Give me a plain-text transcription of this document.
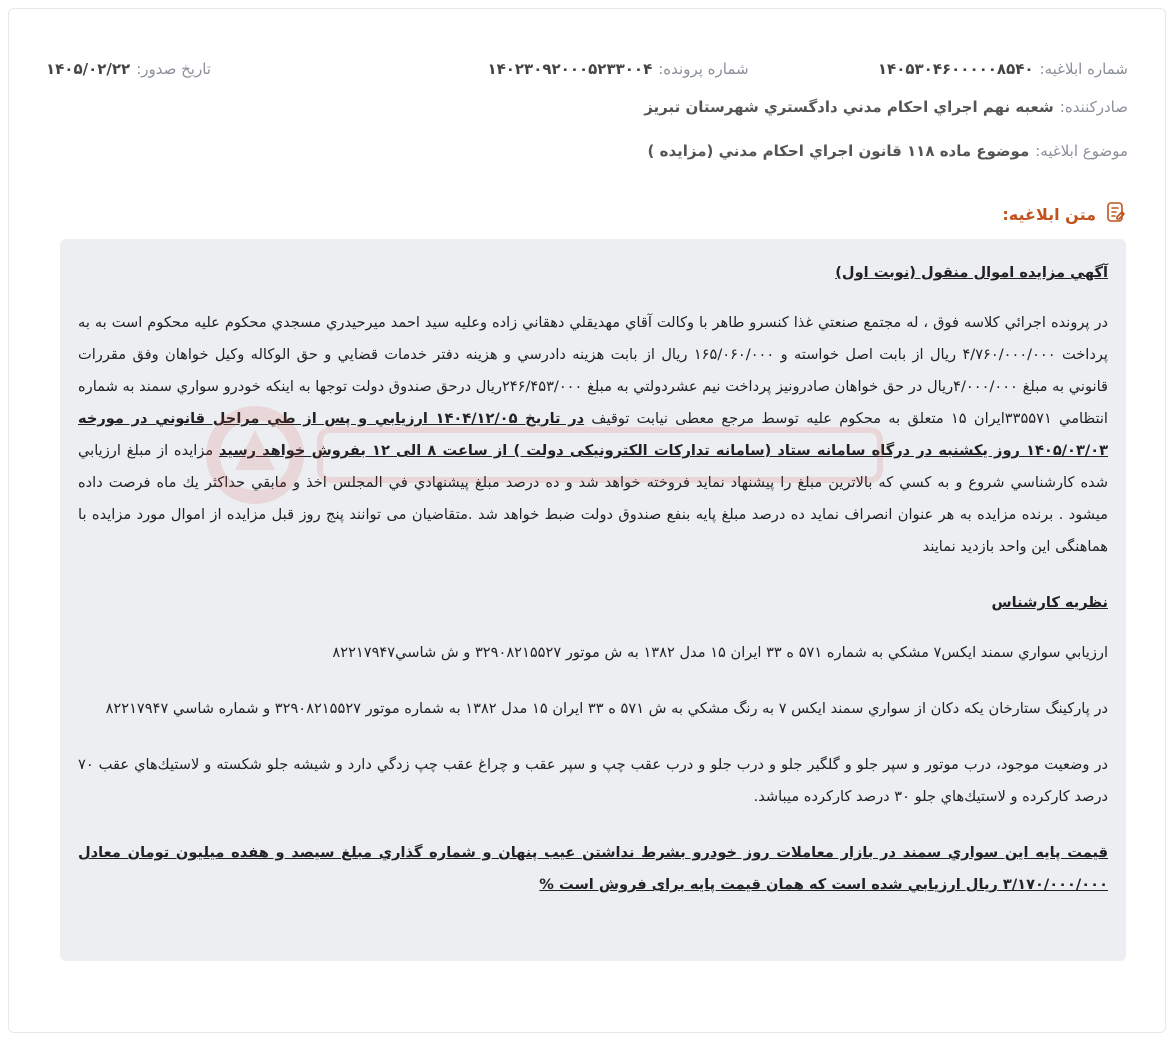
شماره ابلاغيه:
۱۴۰۵۳۰۴۶۰۰۰۰۰۸۵۴۰
شماره پرونده:
۱۴۰۲۳۰۹۲۰۰۰۵۲۳۳۰۰۴
تاريخ صدور:
۱۴۰۵/۰۲/۲۲
صادرکننده:
شعبه نهم اجراي احکام مدني دادگستري شهرستان تبريز
موضوع ابلاغيه:
موضوع ماده ۱۱۸ قانون اجراي احکام مدني (مزايده )
متن ابلاغيه:

آگهي مزايده اموال منقول (نوبت اول)

در پرونده اجرائي كلاسه فوق ، له مجتمع صنعتي غذا كنسرو طاهر با وكالت آقاي مهديقلي دهقاني زاده وعليه سيد احمد ميرحيدري مسجدي محكوم عليه محكوم است به به پرداخت ۴/۷۶۰/۰۰۰/۰۰۰ ريال از بابت اصل خواسته و ۱۶۵/۰۶۰/۰۰۰ ريال از بابت هزينه دادرسي و هزينه دفتر خدمات قضايي و حق الوكاله وكيل خواهان وفق مقررات قانوني به مبلغ ۴/۰۰۰/۰۰۰ريال در حق خواهان صادرونيز پرداخت نيم عشردولتي به مبلغ ۲۴۶/۴۵۳/۰۰۰ريال درحق صندوق دولت توجها به اينكه خودرو سواري سمند به شماره انتظامي ۳۳۵۵۷۱ايران ۱۵ متعلق به محكوم عليه توسط مرجع معطی نيابت توقيف در تاريخ ۱۴۰۴/۱۲/۰۵ ارزيابي و پس از طي مراحل قانوني در مورخه ۱۴۰۵/۰۳/۰۳ روز يکشنبه در درگاه سامانه ستاد (سامانه تدارکات الکترونيکی دولت ) از ساعت ۸ الی ۱۲ بفروش خواهد رسيد مزايده از مبلغ ارزيابي شده كارشناسي شروع و به كسي كه بالاترين مبلغ را پيشنهاد نمايد فروخته خواهد شد و ده درصد مبلغ پيشنهادي في المجلس اخذ و مابقي حداكثر يك ماه فرصت داده ميشود . برنده مزايده به هر عنوان انصراف نمايد ده درصد مبلغ پايه بنفع صندوق دولت ضبط خواهد شد .متقاضيان می توانند پنج روز قبل مزايده از اموال مورد مزايده با هماهنگی اين واحد بازديد نمايند

نظريه كارشناس

ارزيابي سواري سمند ايكس۷ مشكي به شماره ۵۷۱ ه ۳۳ ايران ۱۵ مدل ۱۳۸۲ به ش موتور ۳۲۹۰۸۲۱۵۵۲۷ و ش شاسي۸۲۲۱۷۹۴۷

در پاركينگ ستارخان يكه دكان از سواري سمند ايكس ۷ به رنگ مشكي به ش ۵۷۱ ه ۳۳ ايران ۱۵ مدل ۱۳۸۲ به شماره موتور ۳۲۹۰۸۲۱۵۵۲۷ و شماره شاسي ۸۲۲۱۷۹۴۷

در وضعيت موجود، درب موتور و سپر جلو و گلگير جلو و درب جلو و درب عقب چپ و سپر عقب و چراغ عقب چپ زدگي دارد و شيشه جلو شكسته و لاستيك‌هاي عقب ۷۰ درصد كاركرده و لاستيك‌هاي جلو ۳۰ درصد كاركرده ميباشد.

قيمت پايه اين سواري سمند در بازار معاملات روز خودرو بشرط نداشتن عيب پنهان و شماره گذاري مبلغ سيصد و هفده ميليون تومان معادل ۳/۱۷۰/۰۰۰/۰۰۰ ريال ارزيابي شده است که همان قيمت پايه برای فروش است %
